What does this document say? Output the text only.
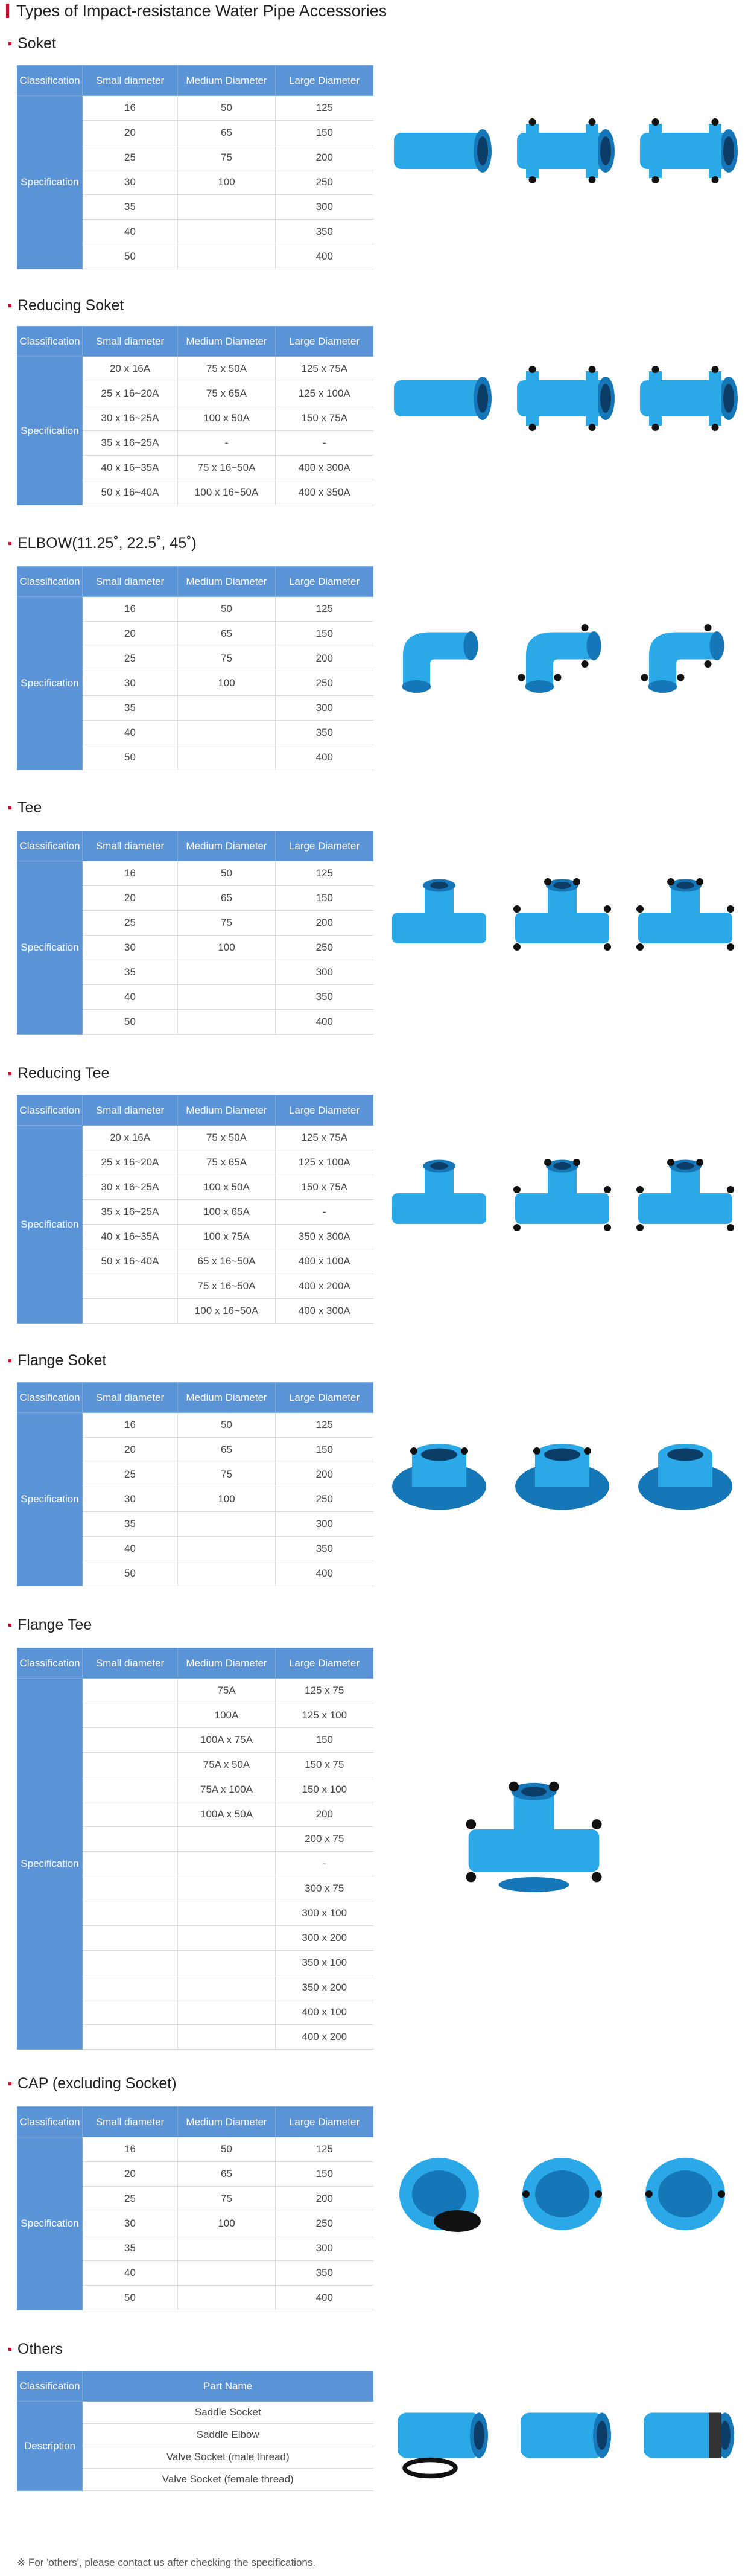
Types of Impact-resistance Water Pipe Accessories
Soket
Classification	Small diameter	Medium Diameter	Large Diameter
Specification	16	50	125
	20	65	150
	25	75	200
	30	100	250
	35		300
	40		350
	50		400
Reducing Soket
Classification	Small diameter	Medium Diameter	Large Diameter
Specification	20 x 16A	75 x 50A	125 x 75A
	25 x 16~20A	75 x 65A	125 x 100A
	30 x 16~25A	100 x 50A	150 x 75A
	35 x 16~25A	-	-
	40 x 16~35A	75 x 16~50A	400 x 300A
	50 x 16~40A	100 x 16~50A	400 x 350A
ELBOW(11.25˚, 22.5˚, 45˚)
Classification	Small diameter	Medium Diameter	Large Diameter
Specification	16	50	125
	20	65	150
	25	75	200
	30	100	250
	35		300
	40		350
	50		400
Tee
Classification	Small diameter	Medium Diameter	Large Diameter
Specification	16	50	125
	20	65	150
	25	75	200
	30	100	250
	35		300
	40		350
	50		400
Reducing Tee
Classification	Small diameter	Medium Diameter	Large Diameter
Specification	20 x 16A	75 x 50A	125 x 75A
	25 x 16~20A	75 x 65A	125 x 100A
	30 x 16~25A	100 x 50A	150 x 75A
	35 x 16~25A	100 x 65A	-
	40 x 16~35A	100 x 75A	350 x 300A
	50 x 16~40A	65 x 16~50A	400 x 100A
		75 x 16~50A	400 x 200A
		100 x 16~50A	400 x 300A
Flange Soket
Classification	Small diameter	Medium Diameter	Large Diameter
Specification	16	50	125
	20	65	150
	25	75	200
	30	100	250
	35		300
	40		350
	50		400
Flange Tee
Classification	Small diameter	Medium Diameter	Large Diameter
Specification		75A	125 x 75
		100A	125 x 100
		100A x 75A	150
		75A x 50A	150 x 75
		75A x 100A	150 x 100
		100A x 50A	200
			200 x 75
			-
			300 x 75
			300 x 100
			300 x 200
			350 x 100
			350 x 200
			400 x 100
			400 x 200
CAP (excluding Socket)
Classification	Small diameter	Medium Diameter	Large Diameter
Specification	16	50	125
	20	65	150
	25	75	200
	30	100	250
	35		300
	40		350
	50		400
Others
Classification	Part Name
Description	Saddle Socket
	Saddle Elbow
	Valve Socket (male thread)
	Valve Socket (female thread)
※ For 'others', please contact us after checking the specifications.
